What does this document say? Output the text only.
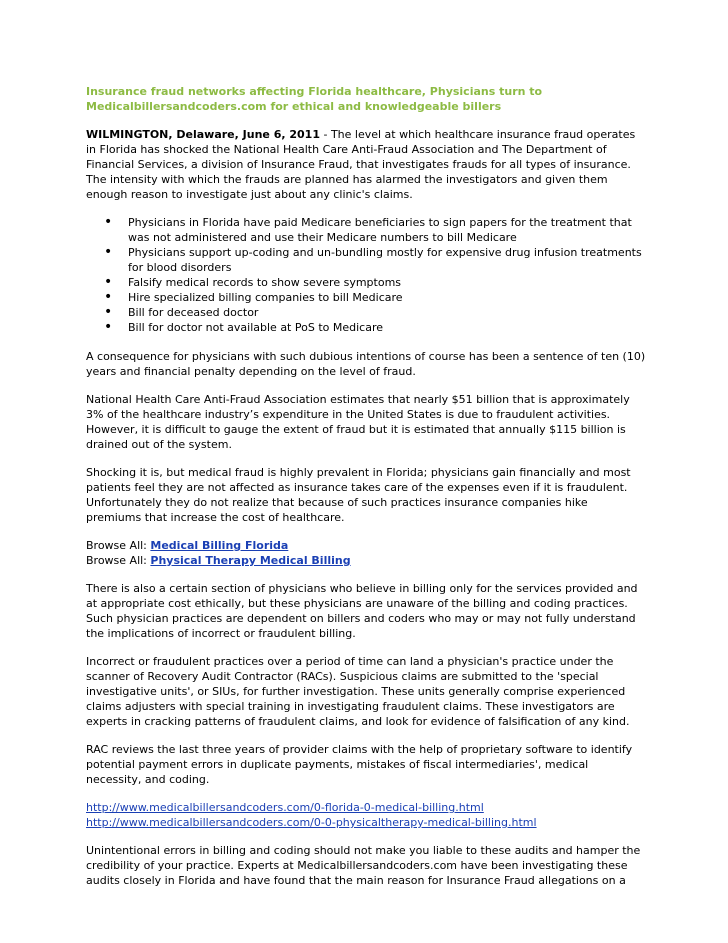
Insurance fraud networks affecting Florida healthcare, Physicians turn to
Medicalbillersandcoders.com for ethical and knowledgeable billers

WILMINGTON, Delaware, June 6, 2011 - The level at which healthcare insurance fraud operates in Florida has shocked the National Health Care Anti-Fraud Association and The Department of Financial Services, a division of Insurance Fraud, that investigates frauds for all types of insurance. The intensity with which the frauds are planned has alarmed the investigators and given them enough reason to investigate just about any clinic's claims.

• Physicians in Florida have paid Medicare beneficiaries to sign papers for the treatment that was not administered and use their Medicare numbers to bill Medicare
• Physicians support up-coding and un-bundling mostly for expensive drug infusion treatments for blood disorders
• Falsify medical records to show severe symptoms
• Hire specialized billing companies to bill Medicare
• Bill for deceased doctor
• Bill for doctor not available at PoS to Medicare

A consequence for physicians with such dubious intentions of course has been a sentence of ten (10) years and financial penalty depending on the level of fraud.

National Health Care Anti-Fraud Association estimates that nearly $51 billion that is approximately 3% of the healthcare industry’s expenditure in the United States is due to fraudulent activities. However, it is difficult to gauge the extent of fraud but it is estimated that annually $115 billion is drained out of the system.

Shocking it is, but medical fraud is highly prevalent in Florida; physicians gain financially and most patients feel they are not affected as insurance takes care of the expenses even if it is fraudulent. Unfortunately they do not realize that because of such practices insurance companies hike premiums that increase the cost of healthcare.

Browse All: Medical Billing Florida
Browse All: Physical Therapy Medical Billing

There is also a certain section of physicians who believe in billing only for the services provided and at appropriate cost ethically, but these physicians are unaware of the billing and coding practices. Such physician practices are dependent on billers and coders who may or may not fully understand the implications of incorrect or fraudulent billing.

Incorrect or fraudulent practices over a period of time can land a physician's practice under the scanner of Recovery Audit Contractor (RACs). Suspicious claims are submitted to the 'special investigative units', or SIUs, for further investigation. These units generally comprise experienced claims adjusters with special training in investigating fraudulent claims. These investigators are experts in cracking patterns of fraudulent claims, and look for evidence of falsification of any kind.

RAC reviews the last three years of provider claims with the help of proprietary software to identify potential payment errors in duplicate payments, mistakes of fiscal intermediaries', medical necessity, and coding.

http://www.medicalbillersandcoders.com/0-florida-0-medical-billing.html
http://www.medicalbillersandcoders.com/0-0-physicaltherapy-medical-billing.html

Unintentional errors in billing and coding should not make you liable to these audits and hamper the credibility of your practice. Experts at Medicalbillersandcoders.com have been investigating these audits closely in Florida and have found that the main reason for Insurance Fraud allegations on a
